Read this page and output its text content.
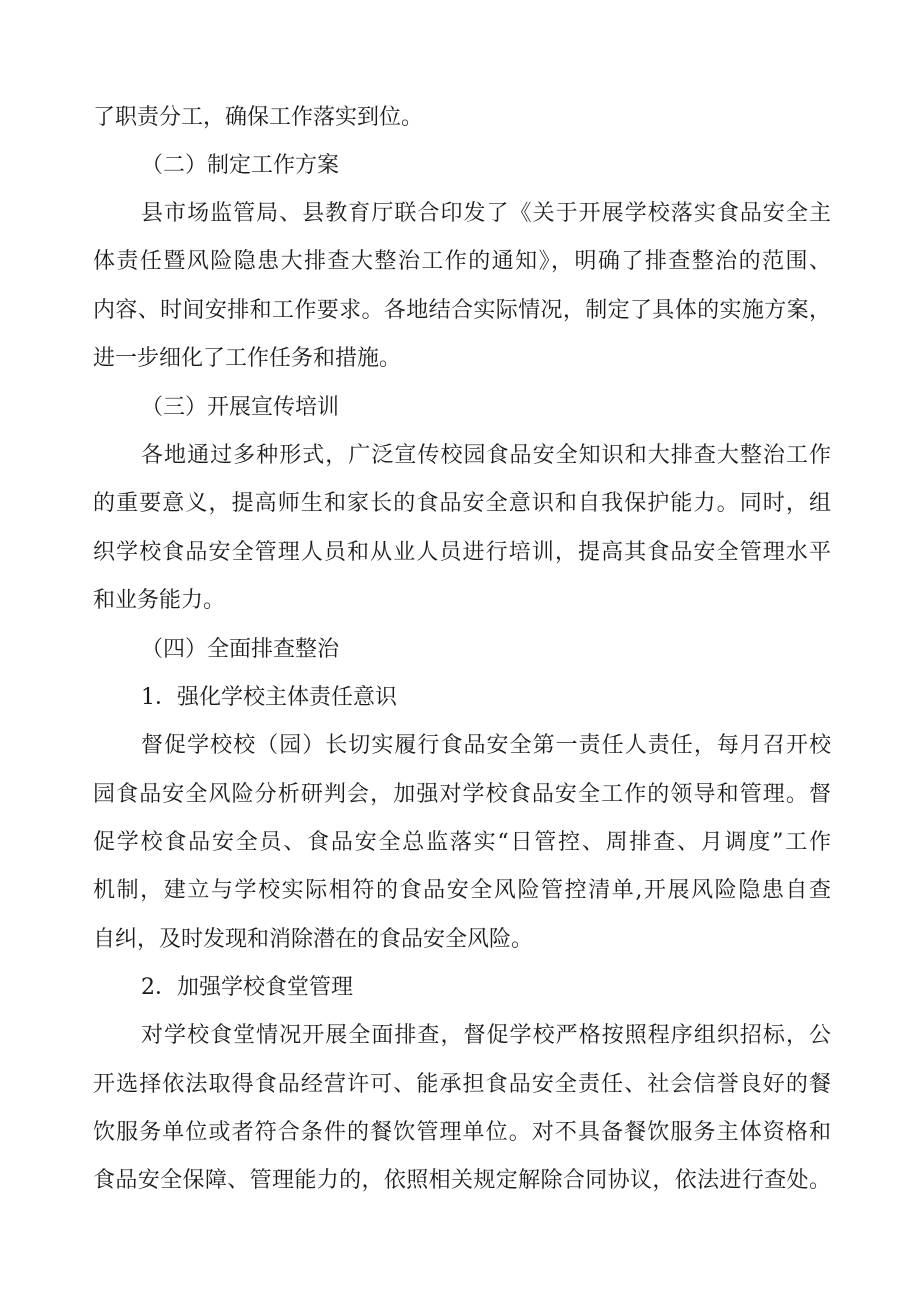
了职责分工，确保工作落实到位。
（二）制定工作方案
县市场监管局、县教育厅联合印发了《关于开展学校落实食品安全主
体责任暨风险隐患大排查大整治工作的通知》，明确了排查整治的范围、
内容、时间安排和工作要求。各地结合实际情况，制定了具体的实施方案，
进一步细化了工作任务和措施。
（三）开展宣传培训
各地通过多种形式，广泛宣传校园食品安全知识和大排查大整治工作
的重要意义，提高师生和家长的食品安全意识和自我保护能力。同时，组
织学校食品安全管理人员和从业人员进行培训，提高其食品安全管理水平
和业务能力。
（四）全面排查整治
1．强化学校主体责任意识
督促学校校（园）长切实履行食品安全第一责任人责任，每月召开校
园食品安全风险分析研判会，加强对学校食品安全工作的领导和管理。督
促学校食品安全员、食品安全总监落实“日管控、周排查、月调度”工作
机制，建立与学校实际相符的食品安全风险管控清单,开展风险隐患自查
自纠，及时发现和消除潜在的食品安全风险。
2．加强学校食堂管理
对学校食堂情况开展全面排查，督促学校严格按照程序组织招标，公
开选择依法取得食品经营许可、能承担食品安全责任、社会信誉良好的餐
饮服务单位或者符合条件的餐饮管理单位。对不具备餐饮服务主体资格和
食品安全保障、管理能力的，依照相关规定解除合同协议，依法进行查处。
